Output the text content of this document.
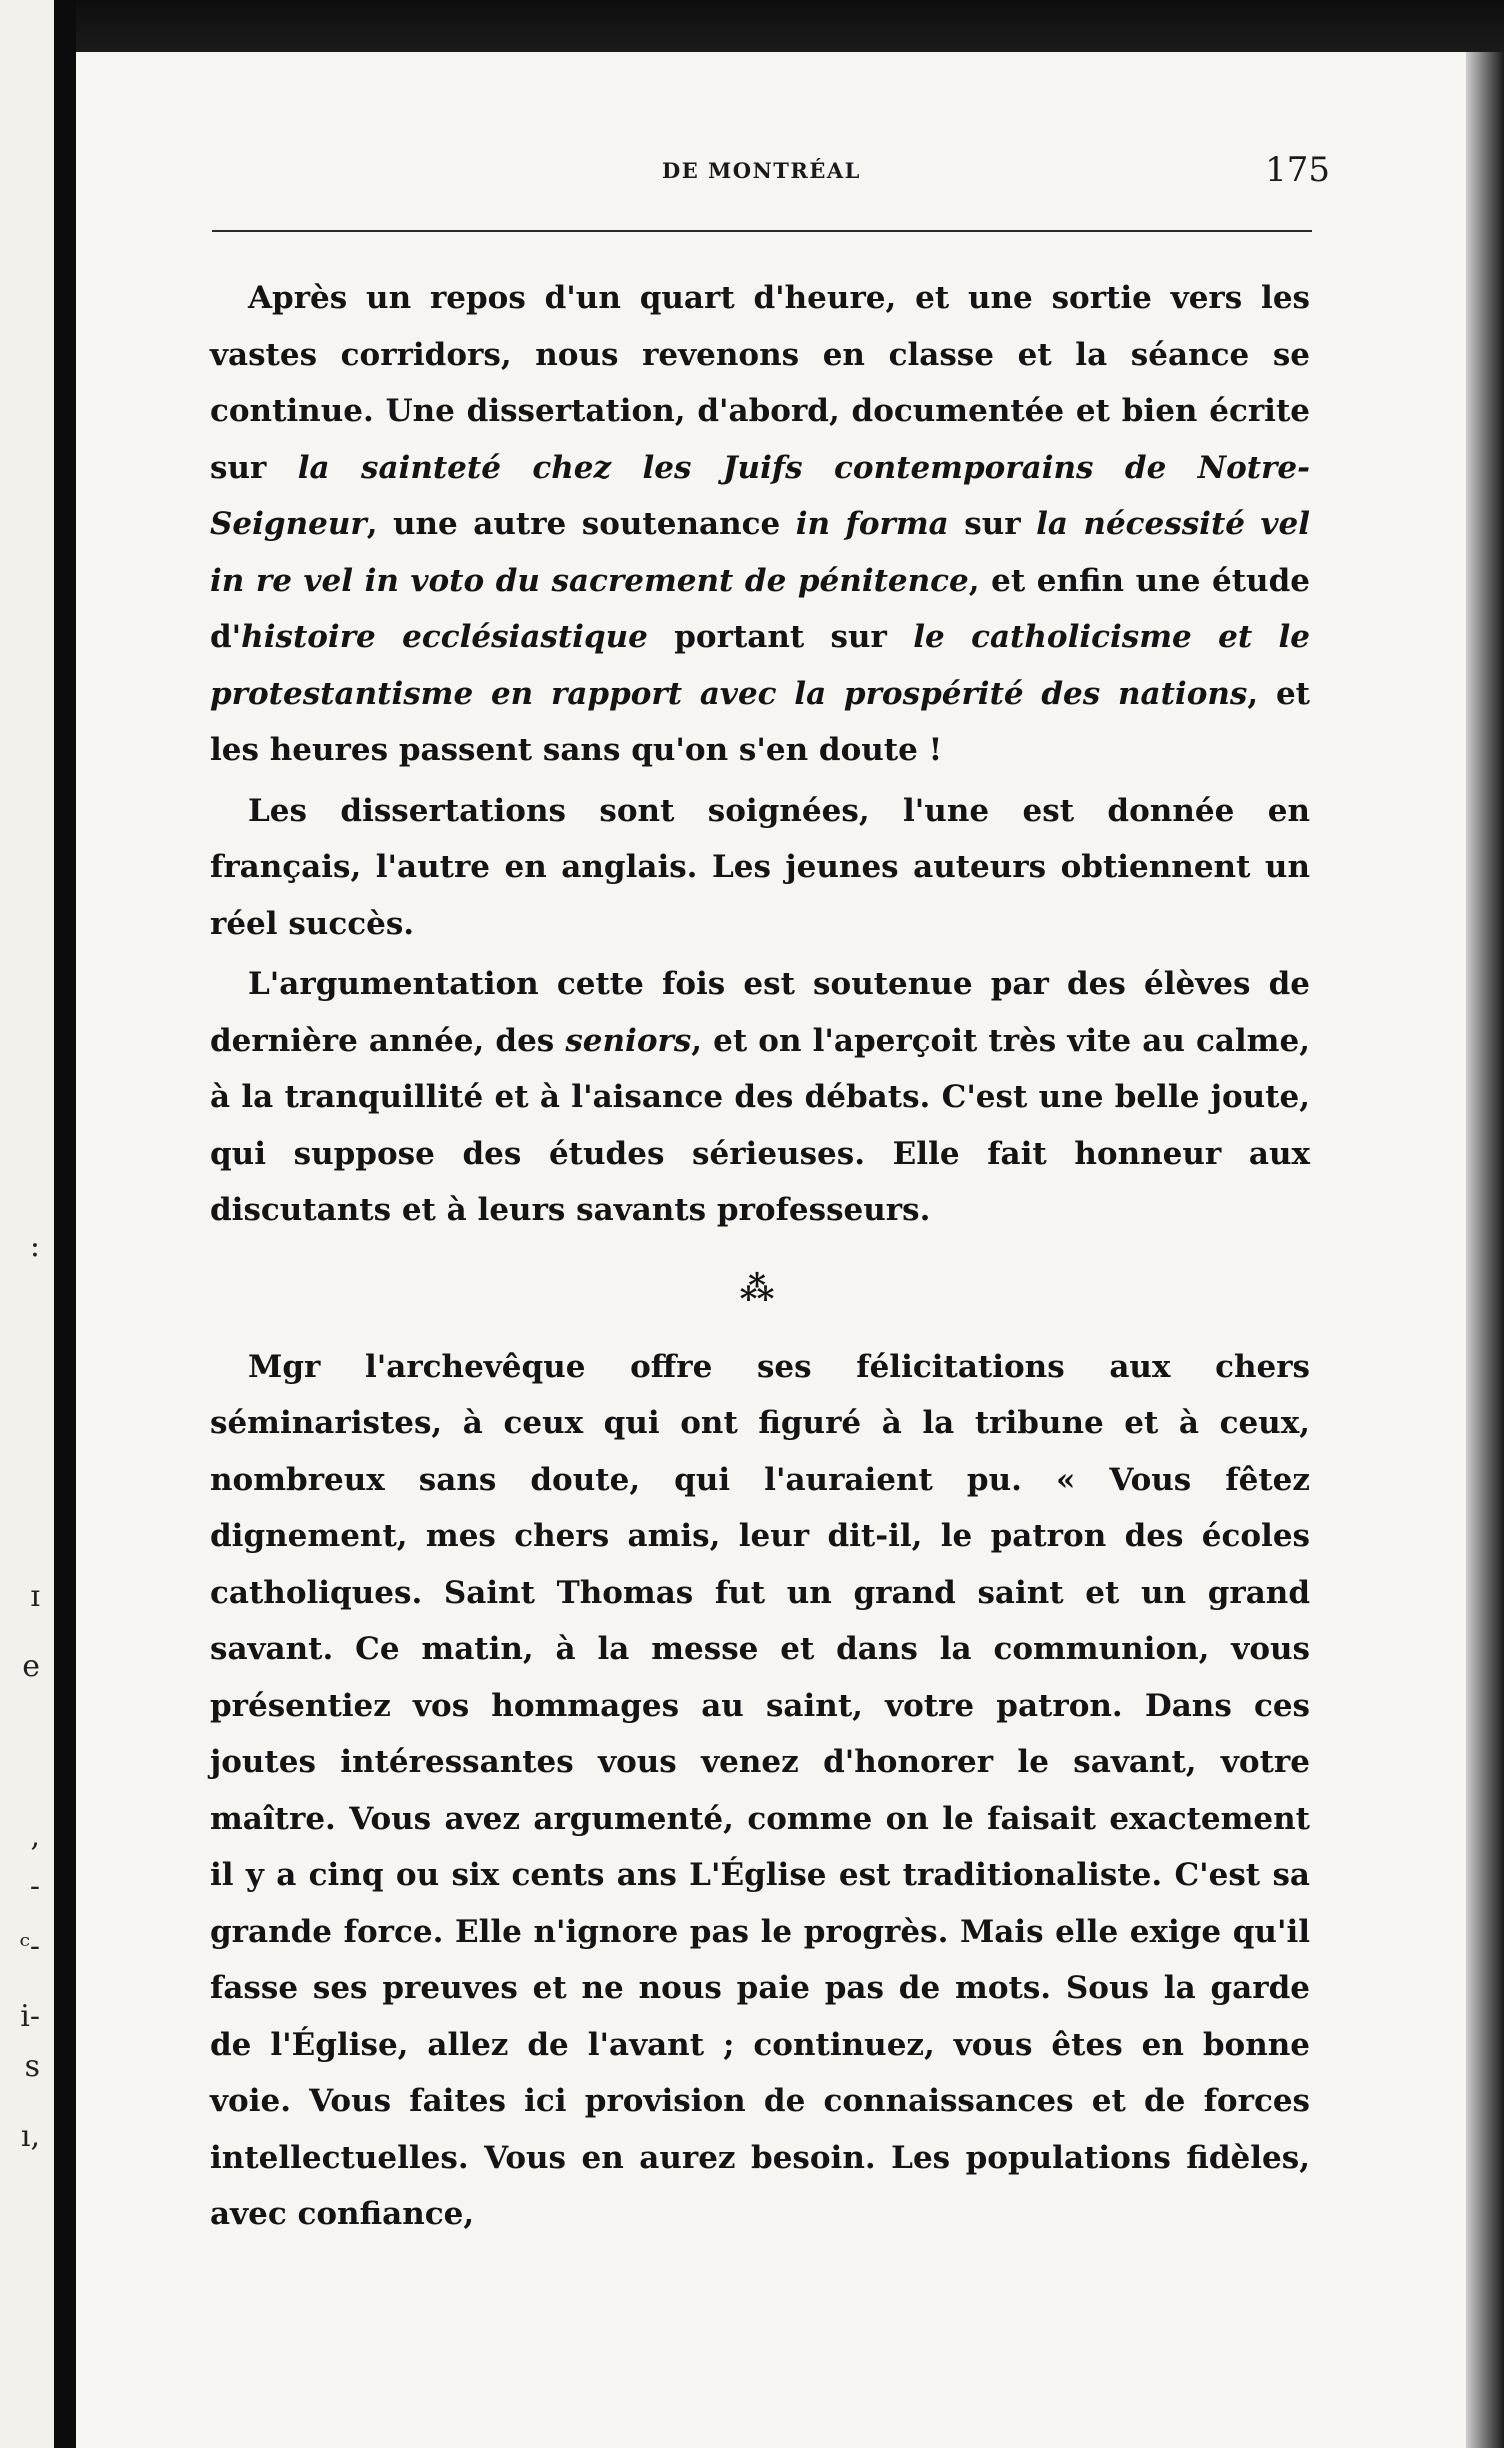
:
ɪ
e
,
-
ᶜ-
i-
s
ı,
DE MONTRÉAL	175

Après un repos d'un quart d'heure, et une sortie vers les vastes corridors, nous revenons en classe et la séance se continue. Une dissertation, d'abord, documentée et bien écrite sur la sainteté chez les Juifs contemporains de Notre-Seigneur, une autre soutenance in forma sur la nécessité vel in re vel in voto du sacrement de pénitence, et enfin une étude d'histoire ecclésiastique portant sur le catholicisme et le protestantisme en rapport avec la prospérité des nations, et les heures passent sans qu'on s'en doute !

Les dissertations sont soignées, l'une est donnée en français, l'autre en anglais. Les jeunes auteurs obtiennent un réel succès.

L'argumentation cette fois est soutenue par des élèves de dernière année, des seniors, et on l'aperçoit très vite au calme, à la tranquillité et à l'aisance des débats. C'est une belle joute, qui suppose des études sérieuses. Elle fait honneur aux discutants et à leurs savants professeurs.

⁂

Mgr l'archevêque offre ses félicitations aux chers séminaristes, à ceux qui ont figuré à la tribune et à ceux, nombreux sans doute, qui l'auraient pu. « Vous fêtez dignement, mes chers amis, leur dit-il, le patron des écoles catholiques. Saint Thomas fut un grand saint et un grand savant. Ce matin, à la messe et dans la communion, vous présentiez vos hommages au saint, votre patron. Dans ces joutes intéressantes vous venez d'honorer le savant, votre maître. Vous avez argumenté, comme on le faisait exactement il y a cinq ou six cents ans L'Église est traditionaliste. C'est sa grande force. Elle n'ignore pas le progrès. Mais elle exige qu'il fasse ses preuves et ne nous paie pas de mots. Sous la garde de l'Église, allez de l'avant ; continuez, vous êtes en bonne voie. Vous faites ici provision de connaissances et de forces intellectuelles. Vous en aurez besoin. Les populations fidèles, avec confiance,
